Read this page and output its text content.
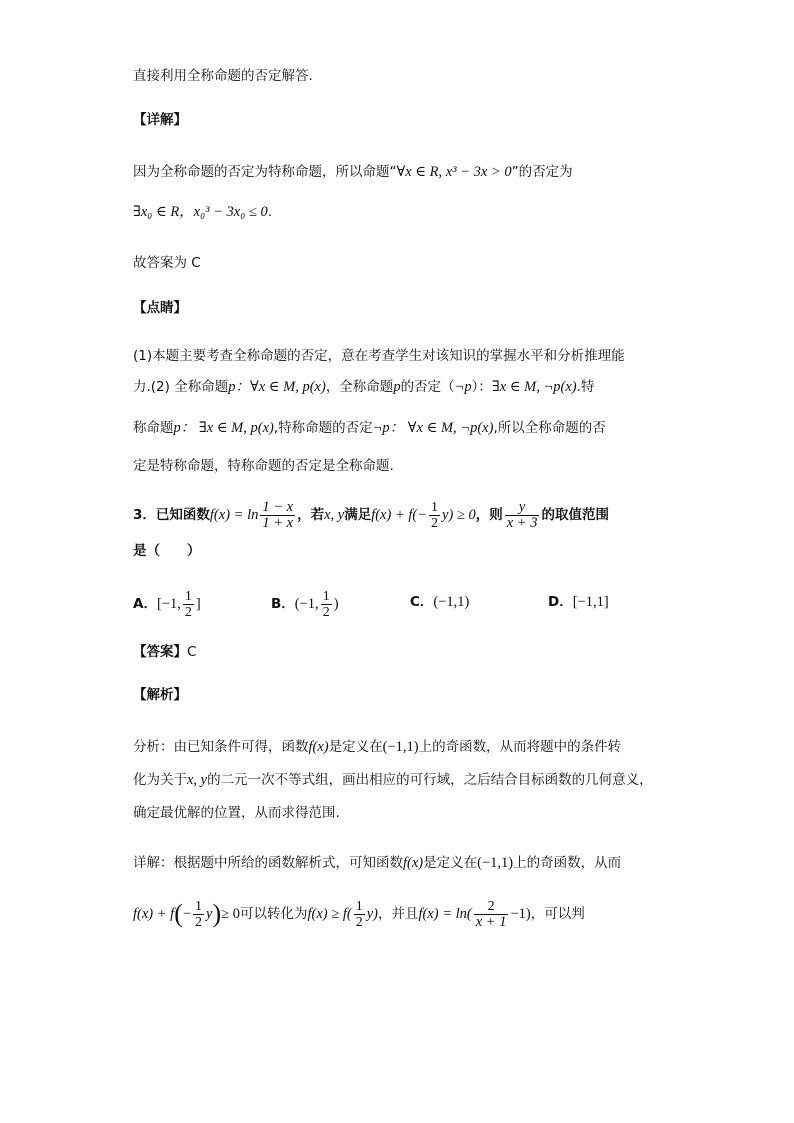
直接利用全称命题的否定解答.
【详解】
因为全称命题的否定为特称命题，所以命题“∀x ∈ R, x³ − 3x > 0”的否定为
∃x₀ ∈ R，x₀³ − 3x₀ ≤ 0.
故答案为 C
【点睛】
(1)本题主要考查全称命题的否定，意在考查学生对该知识的掌握水平和分析推理能
力.(2) 全称命题p：∀x ∈ M, p(x)，全称命题p的否定（¬p）：∃x ∈ M, ¬p(x).特
称命题p： ∃x ∈ M, p(x),特称命题的否定¬p： ∀x ∈ M, ¬p(x),所以全称命题的否
定是特称命题，特称命题的否定是全称命题.
3．已知函数$f(x) = \ln \frac{1 - x}{1 + x}$ ，若x, y满足$f(x) + f(- \frac{1}{2} y) \ge 0$，则 $\frac{y}{x + 3}$ 的取值范围
是（　　）
A．[−1, $\frac{1}{2}$ ]	B．(−1, $\frac{1}{2}$ )	C．(−1,1)	D．[−1,1]
【答案】C
【解析】
分析：由已知条件可得，函数f(x)是定义在(−1,1)上的奇函数，从而将题中的条件转
化为关于x, y的二元一次不等式组，画出相应的可行域，之后结合目标函数的几何意义，
确定最优解的位置，从而求得范围.
详解：根据题中所给的函数解析式，可知函数f(x)是定义在(−1,1)上的奇函数，从而
$f(x) + f(- \frac{1}{2} y)\ge 0$可以转化为$f(x) \ge f( \frac{1}{2} y)$，并且$f(x) = \ln( \frac{2}{x + 1} -1)$，可以判
